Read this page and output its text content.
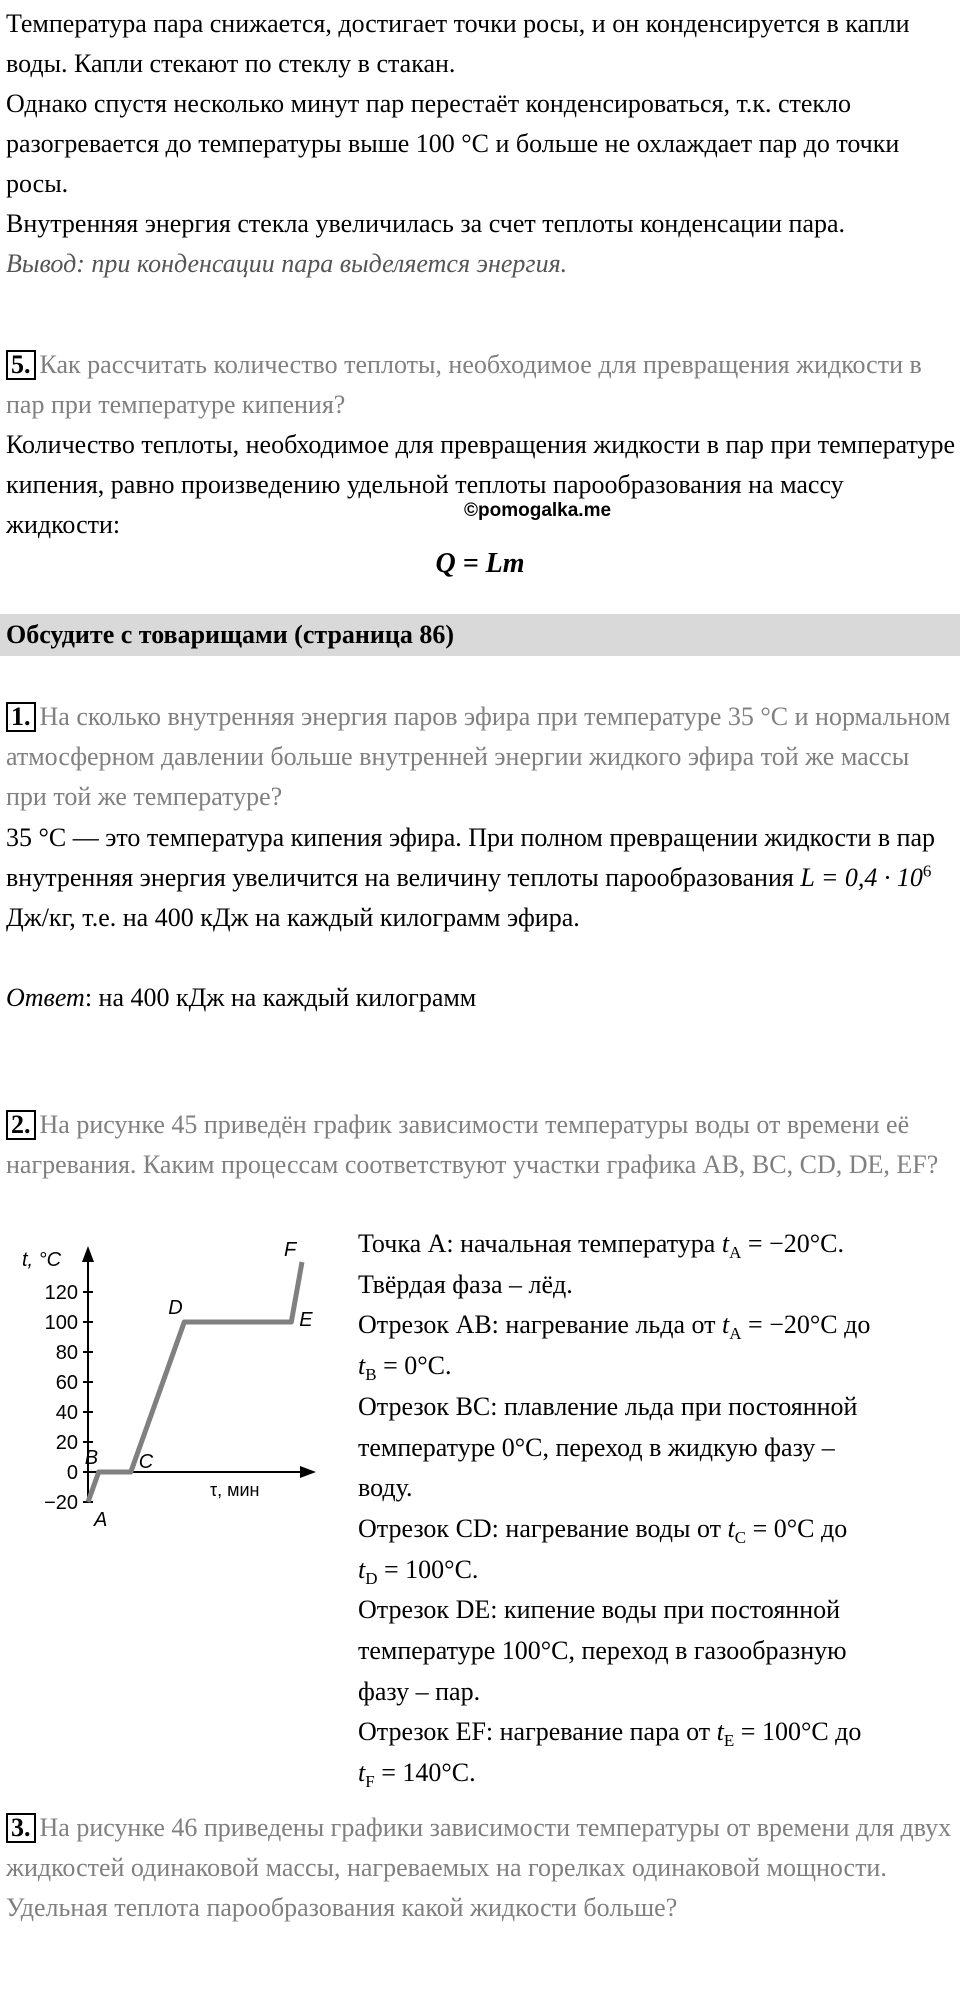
Температура пара снижается, достигает точки росы, и он конденсируется в капли воды. Капли стекают по стеклу в стакан.
Однако спустя несколько минут пар перестаёт конденсироваться, т.к. стекло разогревается до температуры выше 100 °C и больше не охлаждает пар до точки росы.
Внутренняя энергия стекла увеличилась за счет теплоты конденсации пара.
Вывод: при конденсации пара выделяется энергия.
5. Как рассчитать количество теплоты, необходимое для превращения жидкости в пар при температуре кипения?
Количество теплоты, необходимое для превращения жидкости в пар при температуре кипения, равно произведению удельной теплоты парообразования на массу жидкости:	©pomogalka.me
Q = Lm
Обсудите с товарищами (страница 86)
1. На сколько внутренняя энергия паров эфира при температуре 35 °C и нормальном атмосферном давлении больше внутренней энергии жидкого эфира той же массы при той же температуре?
35 °C — это температура кипения эфира. При полном превращении жидкости в пар внутренняя энергия увеличится на величину теплоты парообразования $L = 0,4 \cdot 10^6$ Дж/кг, т.е. на 400 кДж на каждый килограмм эфира.
Ответ: на 400 кДж на каждый килограмм
2. На рисунке 45 приведён график зависимости температуры воды от времени её нагревания. Каким процессам соответствуют участки графика AB, BC, CD, DE, EF?
120
100
80
60
40
20
0
−20
A
B C
D
E
F
t, °C
τ, мин
Точка A: начальная температура $t_A = -20^\circ C$.
Твёрдая фаза – лёд.
Отрезок AB: нагревание льда от $t_A = -20^\circ C$ до
$t_B = 0^\circ C$.
Отрезок BC: плавление льда при постоянной
температуре 0°C, переход в жидкую фазу –
воду.
Отрезок CD: нагревание воды от $t_C = 0^\circ C$ до
$t_D = 100^\circ C$.
Отрезок DE: кипение воды при постоянной
температуре 100°C, переход в газообразную
фазу – пар.
Отрезок EF: нагревание пара от $t_E = 100^\circ C$ до
$t_F = 140^\circ C$.
3. На рисунке 46 приведены графики зависимости температуры от времени для двух жидкостей одинаковой массы, нагреваемых на горелках одинаковой мощности. Удельная теплота парообразования какой жидкости больше?
